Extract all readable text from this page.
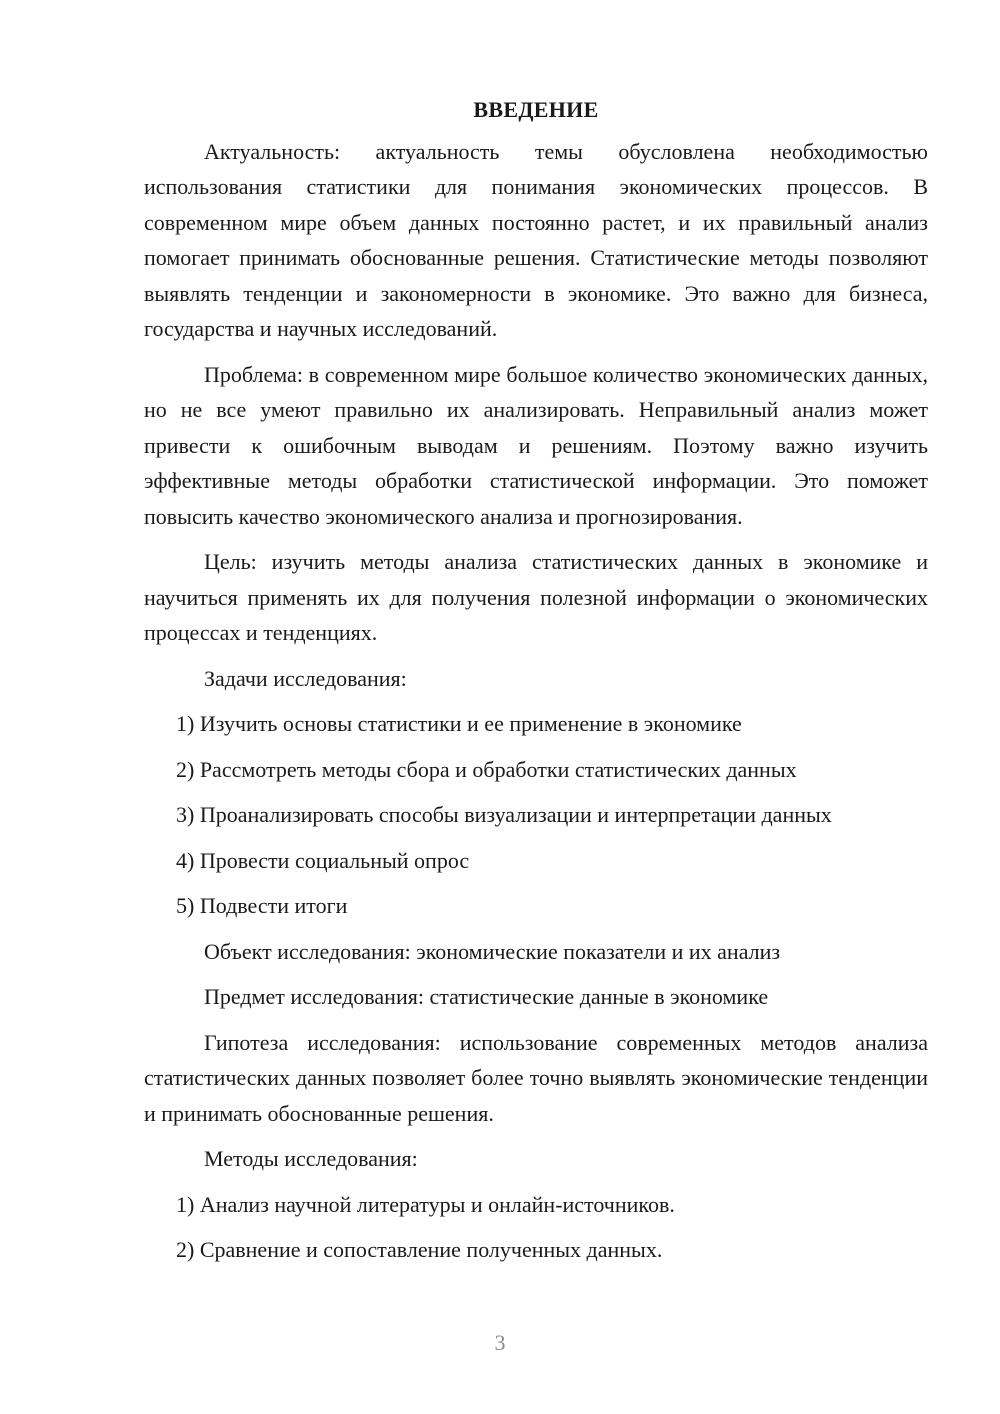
ВВЕДЕНИЕ

Актуальность: актуальность темы обусловлена необходимостью использования статистики для понимания экономических процессов. В современном мире объем данных постоянно растет, и их правильный анализ помогает принимать обоснованные решения. Статистические методы позволяют выявлять тенденции и закономерности в экономике. Это важно для бизнеса, государства и научных исследований.

Проблема: в современном мире большое количество экономических данных, но не все умеют правильно их анализировать. Неправильный анализ может привести к ошибочным выводам и решениям. Поэтому важно изучить эффективные методы обработки статистической информации. Это поможет повысить качество экономического анализа и прогнозирования.

Цель: изучить методы анализа статистических данных в экономике и научиться применять их для получения полезной информации о экономических процессах и тенденциях.

Задачи исследования:
1) Изучить основы статистики и ее применение в экономике
2) Рассмотреть методы сбора и обработки статистических данных
3) Проанализировать способы визуализации и интерпретации данных
4) Провести социальный опрос
5) Подвести итоги
Объект исследования: экономические показатели и их анализ
Предмет исследования: статистические данные в экономике

Гипотеза исследования: использование современных методов анализа статистических данных позволяет более точно выявлять экономические тенденции и принимать обоснованные решения.

Методы исследования:
1) Анализ научной литературы и онлайн-источников.
2) Сравнение и сопоставление полученных данных.
3
